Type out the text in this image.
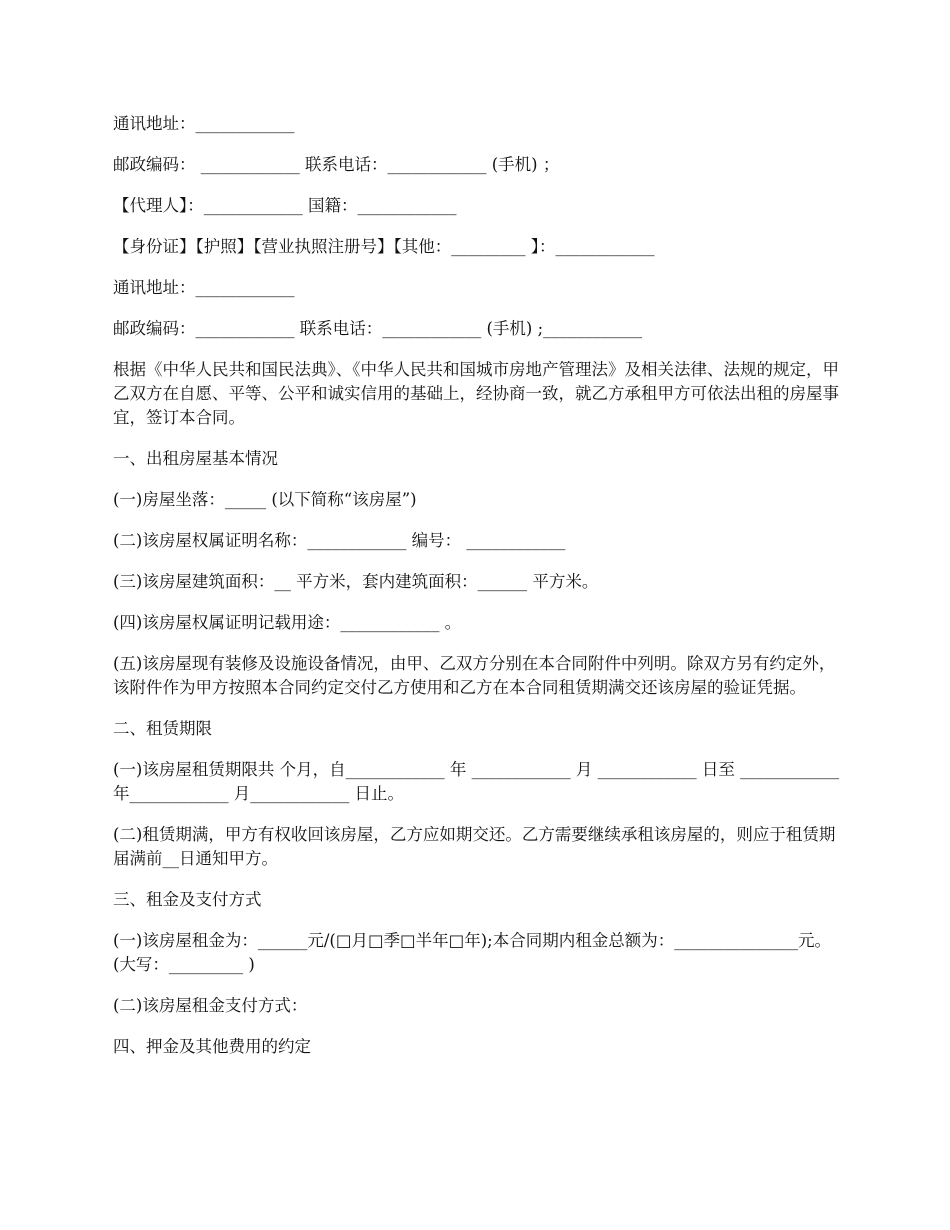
通讯地址：____________

邮政编码： ____________ 联系电话：____________ (手机) ；

【代理人】：____________ 国籍：____________

【身份证】【护照】【营业执照注册号】【其他：_________ 】：____________

通讯地址：____________

邮政编码：____________ 联系电话：____________ (手机) ;____________

根据《中华人民共和国民法典》、《中华人民共和国城市房地产管理法》及相关法律、法规的规定，甲乙双方在自愿、平等、公平和诚实信用的基础上，经协商一致，就乙方承租甲方可依法出租的房屋事宜，签订本合同。

一、出租房屋基本情况

(一)房屋坐落：_____ (以下简称“该房屋”)

(二)该房屋权属证明名称：____________ 编号： ____________

(三)该房屋建筑面积：__ 平方米，套内建筑面积：______ 平方米。

(四)该房屋权属证明记载用途：____________ 。

(五)该房屋现有装修及设施设备情况，由甲、乙双方分别在本合同附件中列明。除双方另有约定外，该附件作为甲方按照本合同约定交付乙方使用和乙方在本合同租赁期满交还该房屋的验证凭据。

二、租赁期限

(一)该房屋租赁期限共 个月，自____________ 年 ____________ 月 ____________ 日至 ____________ 年____________ 月____________ 日止。

(二)租赁期满，甲方有权收回该房屋，乙方应如期交还。乙方需要继续承租该房屋的，则应于租赁期届满前__日通知甲方。

三、租金及支付方式

(一)该房屋租金为：______元/(□月□季□半年□年);本合同期内租金总额为：_______________元。(大写：_________ )

(二)该房屋租金支付方式：

四、押金及其他费用的约定
